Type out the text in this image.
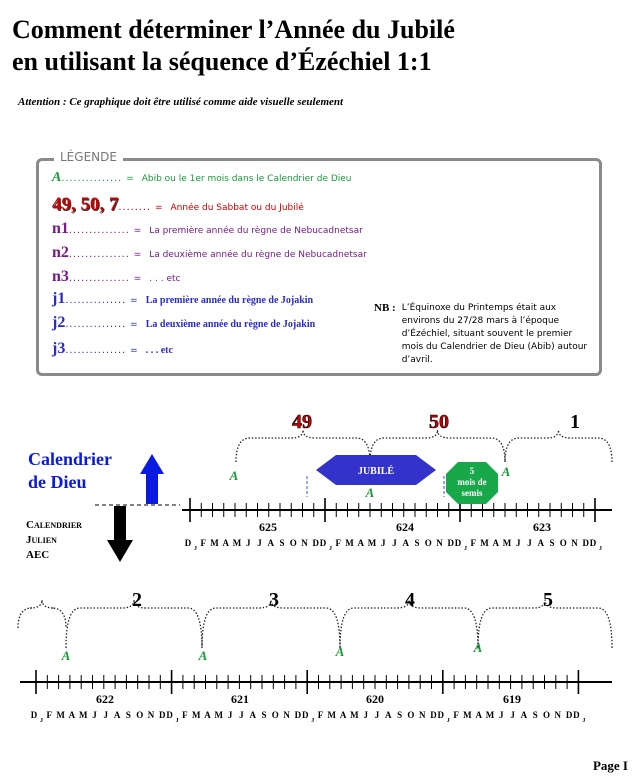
Comment déterminer l’Année du Jubilé
en utilisant la séquence d’Ézéchiel 1:1
Attention : Ce graphique doit être utilisé comme aide visuelle seulement
LÉGENDE
A ............... = Abib ou le 1er mois dans le Calendrier de Dieu
49, 50, 7 ........ = Année du Sabbat ou du Jubilé
n1 ............... = La première année du règne de Nebucadnetsar
n2 ............... = La deuxième année du règne de Nebucadnetsar
n3 ............... = . . . etc
j1 ............... = La première année du règne de Jojakin
j2 ............... = La deuxième année du règne de Jojakin
j3 ............... = . . . etc
NB : L’Équinoxe du Printemps était aux
environs du 27/28 mars à l’époque
d’Ézéchiel, situant souvent le premier
mois du Calendrier de Dieu (Abib) autour
d’avril.
Calendrier
de Dieu
Calendrier
Julien
AEC
625	624	623
D
J
F M A M J J A S O N D D
J
F M A M J J A S O N D D
J
F M A M J J A S O N D D
J
622	621	620	619
D
J
F M A M J J A S O N D D
J
F M A M J J A S O N D D
J
F M A M J J A S O N D D
J
F M A M J J A S O N D D
J
49	50	1
A
A
A
JUBILÉ	5
mois de
semis
2	3	4	5
A	A	A	A
Page I
